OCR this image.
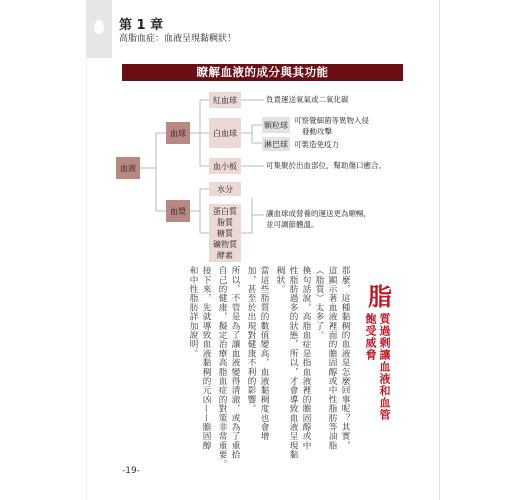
第 1 章
高脂血症：血液呈現黏稠狀！
瞭解血液的成分與其功能
血液
血球
血漿
紅血球
白血球
血小板
水分
蛋白質
脂質
糖質
礦物質
酵素
顆粒球
淋巴球
負責運送氧氣或二氧化碳
可察覺細菌等異物入侵
發動攻擊
可製造免疫力
可集聚於出血部位，幫助傷口癒合。
讓血球或營養的運送更為順暢，
並可調節體溫。
脂
質過剩讓血液和血管
飽受威脅
那麼，這種黏稠的血液是怎麼回事呢？其實，
這顯示著血液裡面的膽固醇或中性脂肪等油脂
（脂質）太多了。
換句話說，高脂血症是指血液裡的膽固醇或中
性脂肪過多的狀態，所以，才會導致血液呈現黏
稠狀。
當這些脂質的數值變高，血液黏稠度也會增
加，甚至於出現對健康不利的影響。
所以，不管是為了讓血液變得清澈，或為了重拾
自己的健康，擬定治療高脂血症的對策非常重要。
接下來，先就導致血液黏稠的元凶——膽固醇
和中性脂肪詳加說明。
-19-
